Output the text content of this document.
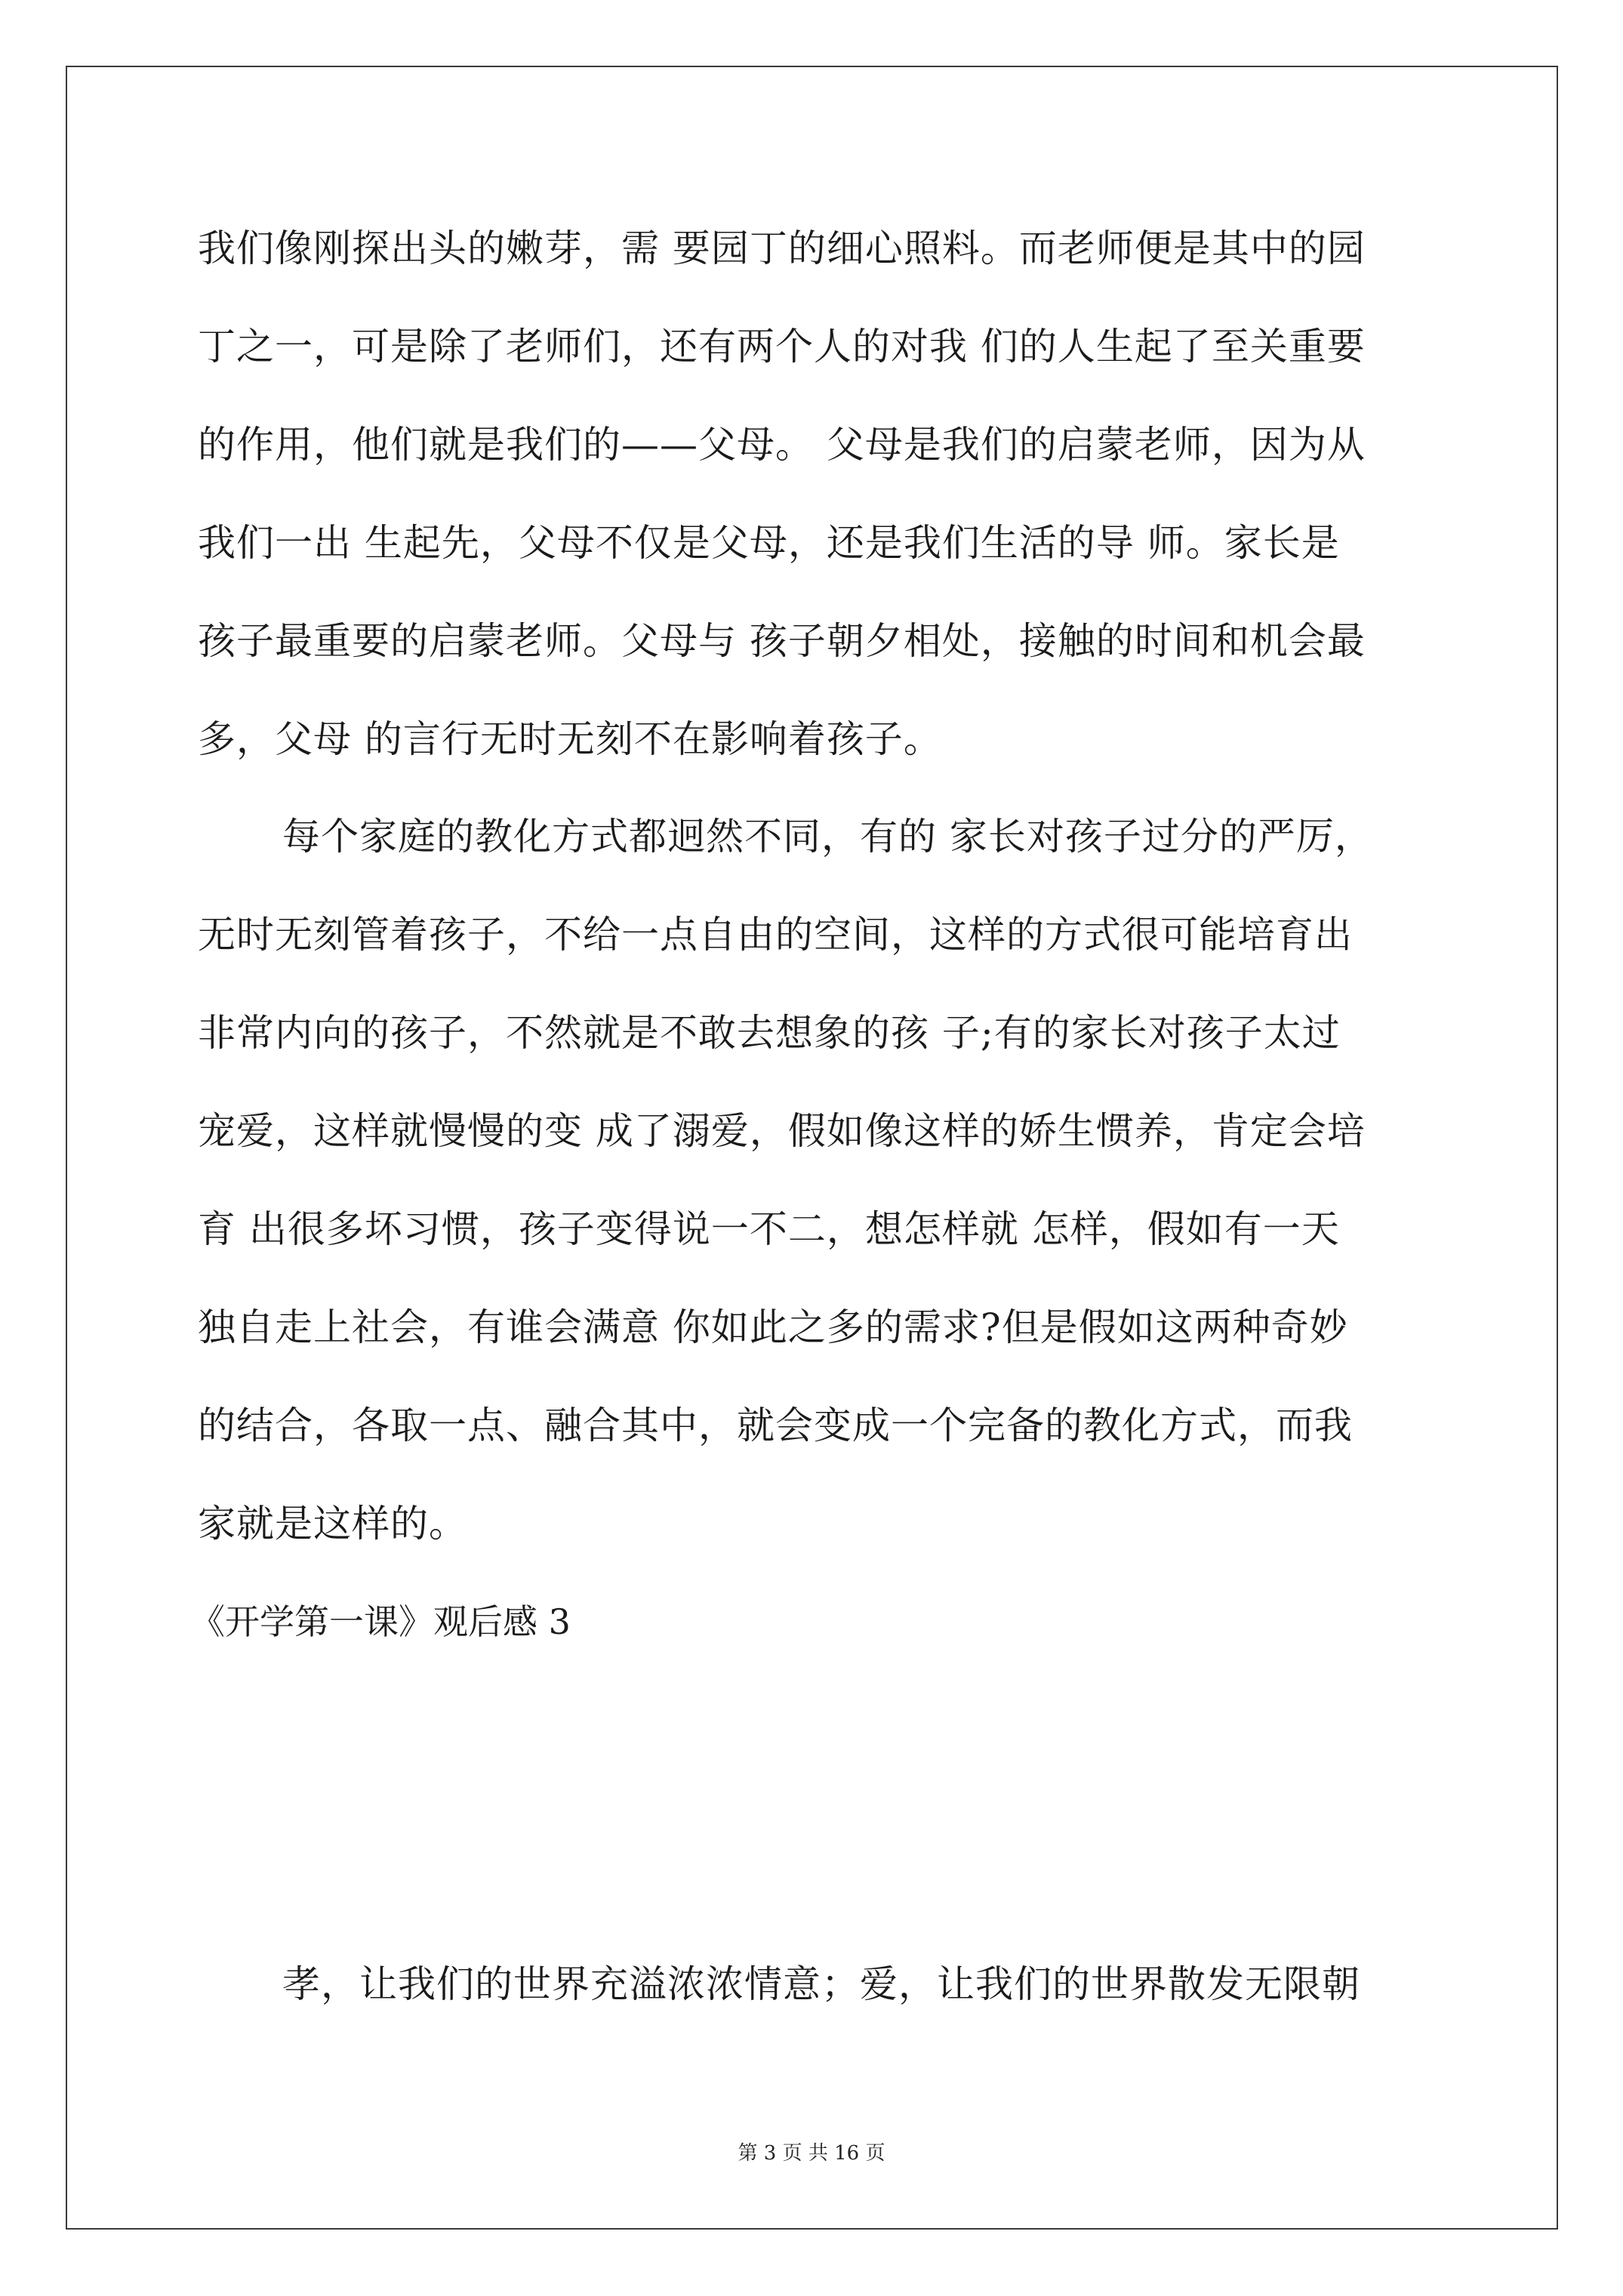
我们像刚探出头的嫩芽，需 要园丁的细心照料。而老师便是其中的园
丁之一，可是除了老师们，还有两个人的对我 们的人生起了至关重要
的作用，他们就是我们的——父母。 父母是我们的启蒙老师，因为从
我们一出 生起先，父母不仅是父母，还是我们生活的导 师。家长是
孩子最重要的启蒙老师。父母与 孩子朝夕相处，接触的时间和机会最
多，父母 的言行无时无刻不在影响着孩子。
每个家庭的教化方式都迥然不同，有的 家长对孩子过分的严厉，
无时无刻管着孩子，不给一点自由的空间，这样的方式很可能培育出
非常内向的孩子，不然就是不敢去想象的孩 子;有的家长对孩子太过
宠爱，这样就慢慢的变 成了溺爱，假如像这样的娇生惯养，肯定会培
育 出很多坏习惯，孩子变得说一不二，想怎样就 怎样，假如有一天
独自走上社会，有谁会满意 你如此之多的需求?但是假如这两种奇妙
的结合，各取一点、融合其中，就会变成一个完备的教化方式，而我
家就是这样的。
孝，让我们的世界充溢浓浓情意；爱，让我们的世界散发无限朝
《开学第一课》观后感 3
第 3 页 共 16 页
